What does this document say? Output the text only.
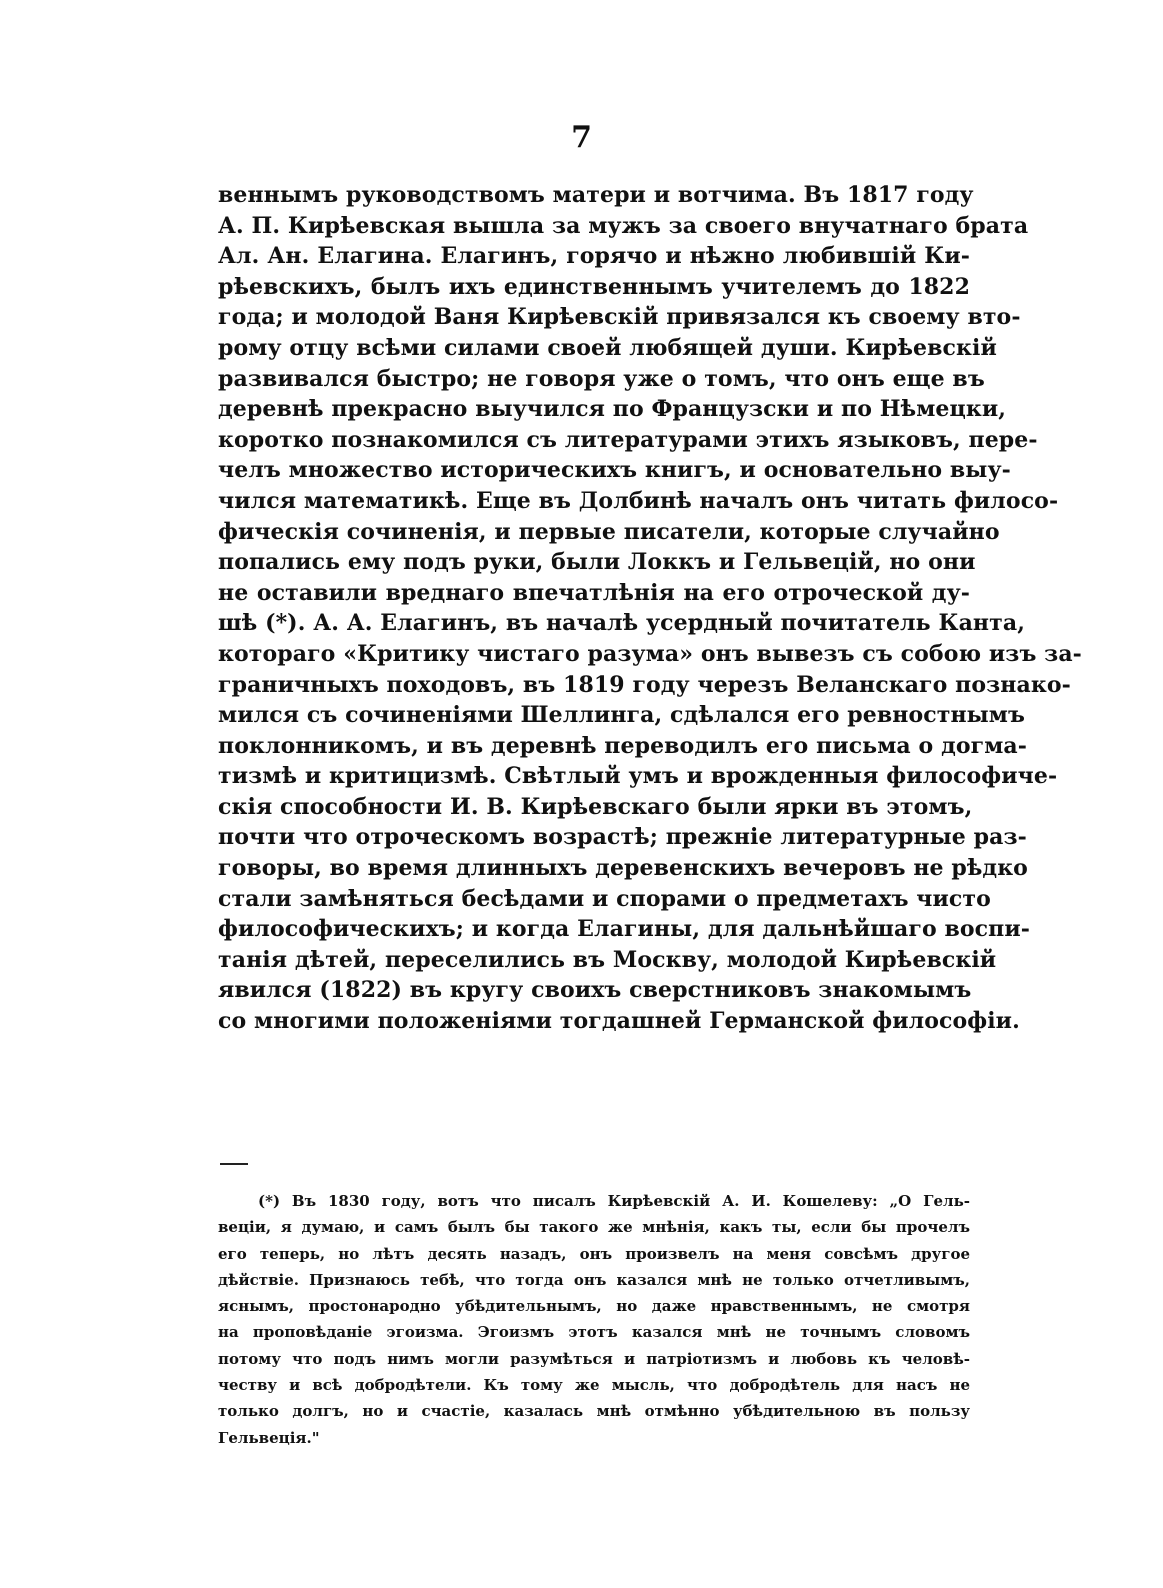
7
веннымъ руководствомъ матери и вотчима. Въ 1817 году
А. П. Кирѣевская вышла за мужъ за своего внучатнаго брата
Ал. Ан. Елагина. Елагинъ, горячо и нѣжно любившій Ки-
рѣевскихъ, былъ ихъ единственнымъ учителемъ до 1822
года; и молодой Ваня Кирѣевскій привязался къ своему вто-
рому отцу всѣми силами своей любящей души. Кирѣевскій
развивался быстро; не говоря уже о томъ, что онъ еще въ
деревнѣ прекрасно выучился по Французски и по Нѣмецки,
коротко познакомился съ литературами этихъ языковъ, пере-
челъ множество историческихъ книгъ, и основательно выу-
чился математикѣ. Еще въ Долбинѣ началъ онъ читать филосо-
фическія сочиненія, и первые писатели, которые случайно
попались ему подъ руки, были Локкъ и Гельвецій, но они
не оставили вреднаго впечатлѣнія на его отроческой ду-
шѣ (*). А. А. Елагинъ, въ началѣ усердный почитатель Канта,
котораго «Критику чистаго разума» онъ вывезъ съ собою изъ за-
граничныхъ походовъ, въ 1819 году черезъ Веланскаго познако-
мился съ сочиненіями Шеллинга, сдѣлался его ревностнымъ
поклонникомъ, и въ деревнѣ переводилъ его письма о догма-
тизмѣ и критицизмѣ. Свѣтлый умъ и врожденныя философичe-
скія способности И. В. Кирѣевскаго были ярки въ этомъ,
почти что отроческомъ возрастѣ; прежніе литературные раз-
говоры, во время длинныхъ деревенскихъ вечеровъ не рѣдко
стали замѣняться бесѣдами и спорами о предметахъ чисто
философическихъ; и когда Елагины, для дальнѣйшаго воспи-
танія дѣтей, переселились въ Москву, молодой Кирѣевскій
явился (1822) въ кругу своихъ сверстниковъ знакомымъ
со многими положеніями тогдашней Германской философіи.
(*) Въ 1830 году, вотъ что писалъ Кирѣевскій А. И. Кошелеву: „О Гель-
веціи, я думаю, и самъ былъ бы такого же мнѣнія, какъ ты, если бы прочелъ
его теперь, но лѣтъ десять назадъ, онъ произвелъ на меня совсѣмъ другое
дѣйствіе. Признаюсь тебѣ, что тогда онъ казался мнѣ не только отчетливымъ,
яснымъ, простонародно убѣдительнымъ, но даже нравственнымъ, не смотря
на проповѣданіе эгоизма. Эгоизмъ этотъ казался мнѣ не точнымъ словомъ
потому что подъ нимъ могли разумѣться и патріотизмъ и любовь къ человѣ-
честву и всѣ добродѣтели. Къ тому же мысль, что добродѣтель для насъ не
только долгъ, но и счастіе, казалась мнѣ отмѣнно убѣдительною въ пользу
Гельвеція."
